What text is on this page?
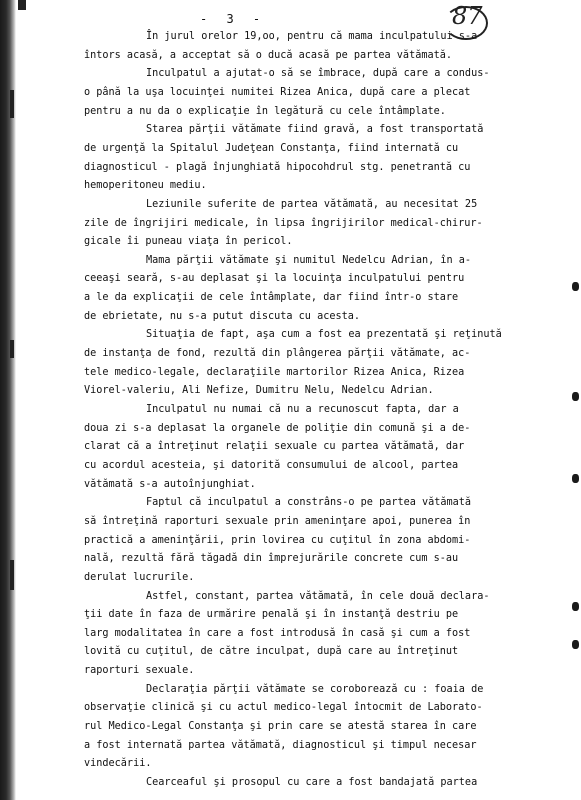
- 3 -	87
În jurul orelor 19,oo, pentru că mama inculpatului s-a
întors acasă, a acceptat să o ducă acasă pe partea vătămată.
Inculpatul a ajutat-o să se îmbrace, după care a condus-
o până la uşa locuinţei numitei Rizea Anica, după care a plecat
pentru a nu da o explicaţie în legătură cu cele întâmplate.
Starea părţii vătămate fiind gravă, a fost transportată
de urgenţă la Spitalul Judeţean Constanţa, fiind internată cu
diagnosticul - plagă înjunghiată hipocohdrul stg. penetrantă cu
hemoperitoneu mediu.
Leziunile suferite de partea vătămată, au necesitat 25
zile de îngrijiri medicale, în lipsa îngrijirilor medical-chirur-
gicale îi puneau viaţa în pericol.
Mama părţii vătămate şi numitul Nedelcu Adrian, în a-
ceeaşi seară, s-au deplasat şi la locuinţa inculpatului pentru
a le da explicaţii de cele întâmplate, dar fiind într-o stare
de ebrietate, nu s-a putut discuta cu acesta.
Situaţia de fapt, aşa cum a fost ea prezentată şi reţinută
de instanţa de fond, rezultă din plângerea părţii vătămate, ac-
tele medico-legale, declaraţiile martorilor Rizea Anica, Rizea
Viorel-valeriu, Ali Nefize, Dumitru Nelu, Nedelcu Adrian.
Inculpatul nu numai că nu a recunoscut fapta, dar a
doua zi s-a deplasat la organele de poliţie din comună şi a de-
clarat că a întreţinut relaţii sexuale cu partea vătămată, dar
cu acordul acesteia, şi datorită consumului de alcool, partea
vătămată s-a autoînjunghiat.
Faptul că inculpatul a constrâns-o pe partea vătămată
să întreţină raporturi sexuale prin ameninţare apoi, punerea în
practică a ameninţării, prin lovirea cu cuţitul în zona abdomi-
nală, rezultă fără tăgadă din împrejurările concrete cum s-au
derulat lucrurile.
Astfel, constant, partea vătămată, în cele două declara-
ţii date în faza de urmărire penală şi în instanţă destriu pe
larg modalitatea în care a fost introdusă în casă şi cum a fost
lovită cu cuţitul, de către inculpat, după care au întreţinut
raporturi sexuale.
Declaraţia părţii vătămate se coroborează cu : foaia de
observaţie clinică şi cu actul medico-legal întocmit de Laborato-
rul Medico-Legal Constanţa şi prin care se atestă starea în care
a fost internată partea vătămată, diagnosticul şi timpul necesar
vindecării.
Cearceaful şi prosopul cu care a fost bandajată partea
